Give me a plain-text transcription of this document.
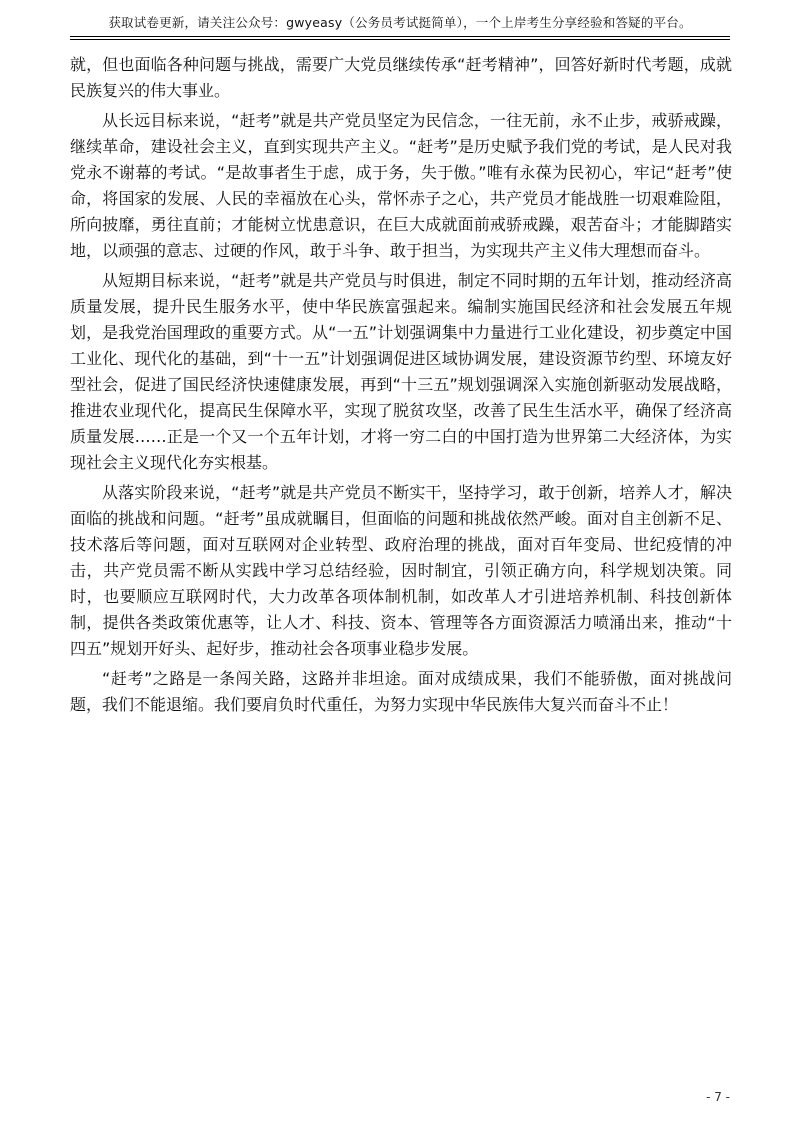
获取试卷更新，请关注公众号：gwyeasy（公务员考试挺简单），一个上岸考生分享经验和答疑的平台。

就，但也面临各种问题与挑战，需要广大党员继续传承“赶考精神”，回答好新时代考题，成就民族复兴的伟大事业。

从长远目标来说，“赶考”就是共产党员坚定为民信念，一往无前，永不止步，戒骄戒躁，继续革命，建设社会主义，直到实现共产主义。“赶考”是历史赋予我们党的考试，是人民对我党永不谢幕的考试。“是故事者生于虑，成于务，失于傲。”唯有永葆为民初心，牢记“赶考”使命，将国家的发展、人民的幸福放在心头，常怀赤子之心，共产党员才能战胜一切艰难险阻，所向披靡，勇往直前；才能树立忧患意识，在巨大成就面前戒骄戒躁，艰苦奋斗；才能脚踏实地，以顽强的意志、过硬的作风，敢于斗争、敢于担当，为实现共产主义伟大理想而奋斗。

从短期目标来说，“赶考”就是共产党员与时俱进，制定不同时期的五年计划，推动经济高质量发展，提升民生服务水平，使中华民族富强起来。编制实施国民经济和社会发展五年规划，是我党治国理政的重要方式。从“一五”计划强调集中力量进行工业化建设，初步奠定中国工业化、现代化的基础，到“十一五”计划强调促进区域协调发展，建设资源节约型、环境友好型社会，促进了国民经济快速健康发展，再到“十三五”规划强调深入实施创新驱动发展战略，推进农业现代化，提高民生保障水平，实现了脱贫攻坚，改善了民生生活水平，确保了经济高质量发展……正是一个又一个五年计划，才将一穷二白的中国打造为世界第二大经济体，为实现社会主义现代化夯实根基。

从落实阶段来说，“赶考”就是共产党员不断实干，坚持学习，敢于创新，培养人才，解决面临的挑战和问题。“赶考”虽成就瞩目，但面临的问题和挑战依然严峻。面对自主创新不足、技术落后等问题，面对互联网对企业转型、政府治理的挑战，面对百年变局、世纪疫情的冲击，共产党员需不断从实践中学习总结经验，因时制宜，引领正确方向，科学规划决策。同时，也要顺应互联网时代，大力改革各项体制机制，如改革人才引进培养机制、科技创新体制，提供各类政策优惠等，让人才、科技、资本、管理等各方面资源活力喷涌出来，推动“十四五”规划开好头、起好步，推动社会各项事业稳步发展。

“赶考”之路是一条闯关路，这路并非坦途。面对成绩成果，我们不能骄傲，面对挑战问题，我们不能退缩。我们要肩负时代重任，为努力实现中华民族伟大复兴而奋斗不止！

- 7 -
